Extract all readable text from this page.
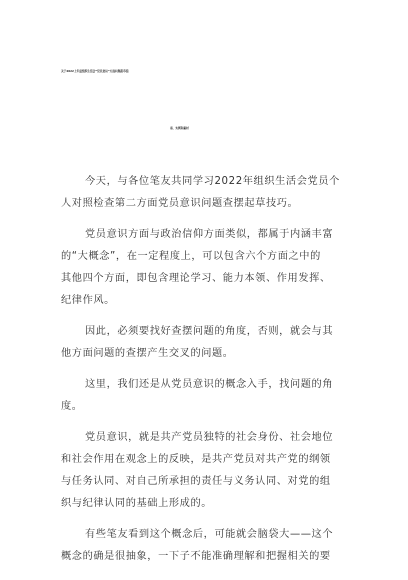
关于2022上年度组织生活会“党员意识”方面问题起草指
南、实例和素材
今天，与各位笔友共同学习2022年组织生活会党员个
人对照检查第二方面党员意识问题查摆起草技巧。
党员意识方面与政治信仰方面类似，都属于内涵丰富
的“大概念”，在一定程度上，可以包含六个方面之中的
其他四个方面，即包含理论学习、能力本领、作用发挥、
纪律作风。
因此，必须要找好查摆问题的角度，否则，就会与其
他方面问题的查摆产生交叉的问题。
这里，我们还是从党员意识的概念入手，找问题的角
度。
党员意识，就是共产党员独特的社会身份、社会地位
和社会作用在观念上的反映，是共产党员对共产党的纲领
与任务认同、对自己所承担的责任与义务认同、对党的组
织与纪律认同的基础上形成的。
有些笔友看到这个概念后，可能就会脑袋大——这个
概念的确是很抽象，一下子不能准确理解和把握相关的要
